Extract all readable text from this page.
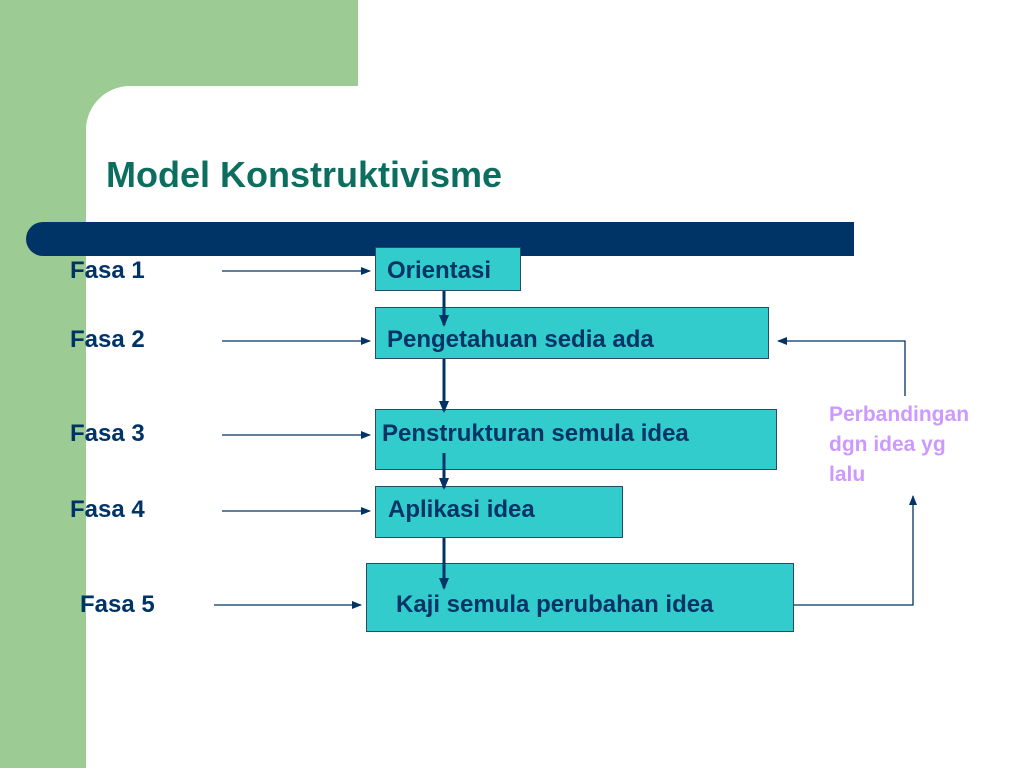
Model Konstruktivisme
Fasa 1
Fasa 2
Fasa 3
Fasa 4
Fasa 5
Orientasi
Pengetahuan sedia ada
Penstrukturan semula idea
Aplikasi idea
Kaji semula perubahan idea
Perbandingan
dgn idea yg
lalu
